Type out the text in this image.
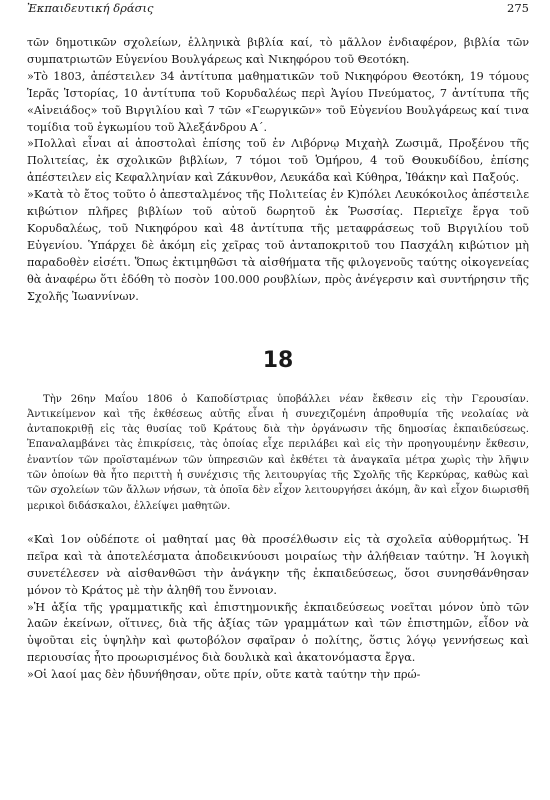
Ἐκπαιδευτική δράσις	275

τῶν δημοτικῶν σχολείων, ἑλληνικὰ βιβλία καί, τὸ μᾶλλον ἐνδιαφέρον, βιβλία τῶν συμπατριωτῶν Εὐγενίου Βουλγάρεως καὶ Νικηφόρου τοῦ Θεοτόκη.

»Τὸ 1803, ἀπέστειλεν 34 ἀντίτυπα μαθηματικῶν τοῦ Νικηφόρου Θεοτόκη, 19 τόμους Ἱερᾶς Ἱστορίας, 10 ἀντίτυπα τοῦ Κορυδαλέως περὶ Ἁγίου Πνεύματος, 7 ἀντίτυπα τῆς «Αἰνειάδος» τοῦ Βιργιλίου καὶ 7 τῶν «Γεωργικῶν» τοῦ Εὐγενίου Βουλγάρεως καί τινα τομίδια τοῦ ἐγκωμίου τοῦ Ἀλεξάνδρου Α΄.

»Πολλαὶ εἶναι αἱ ἀποστολαὶ ἐπίσης τοῦ ἐν Λιβόρνῳ Μιχαὴλ Ζωσιμᾶ, Προξένου τῆς Πολιτείας, ἐκ σχολικῶν βιβλίων, 7 τόμοι τοῦ Ὁμήρου, 4 τοῦ Θουκυδίδου, ἐπίσης ἀπέστειλεν εἰς Κεφαλληνίαν καὶ Ζάκυνθον, Λευκάδα καὶ Κύθηρα, Ἰθάκην καὶ Παξούς.

»Κατὰ τὸ ἔτος τοῦτο ὁ ἀπεσταλμένος τῆς Πολιτείας ἐν Κ)πόλει Λευκόκοιλος ἀπέστειλε κιβώτιον πλῆρες βιβλίων τοῦ αὐτοῦ δωρητοῦ ἐκ Ῥωσσίας. Περιεῖχε ἔργα τοῦ Κορυδαλέως, τοῦ Νικηφόρου καὶ 48 ἀντίτυπα τῆς μεταφράσεως τοῦ Βιργιλίου τοῦ Εὐγενίου. Ὑπάρχει δὲ ἀκόμη εἰς χεῖρας τοῦ ἀνταποκριτοῦ του Πασχάλη κιβώτιον μὴ παραδοθὲν εἰσέτι. Ὅπως ἐκτιμηθῶσι τὰ αἰσθήματα τῆς φιλογενοῦς ταύτης οἰκογενείας θὰ ἀναφέρω ὅτι ἐδόθη τὸ ποσὸν 100.000 ρουβλίων, πρὸς ἀνέγερσιν καὶ συντήρησιν τῆς Σχολῆς Ἰωαννίνων.

18

Τὴν 26ην Μαΐου 1806 ὁ Καποδίστριας ὑποβάλλει νέαν ἔκθεσιν εἰς τὴν Γερουσίαν. Ἀντικείμενον καὶ τῆς ἐκθέσεως αὐτῆς εἶναι ἡ συνεχιζομένη ἀπροθυμία τῆς νεολαίας νὰ ἀνταποκριθῇ εἰς τὰς θυσίας τοῦ Κράτους διὰ τὴν ὀργάνωσιν τῆς δημοσίας ἐκπαιδεύσεως. Ἐπαναλαμβάνει τὰς ἐπικρίσεις, τὰς ὁποίας εἶχε περιλάβει καὶ εἰς τὴν προηγουμένην ἔκθεσιν, ἐναντίον τῶν προϊσταμένων τῶν ὑπηρεσιῶν καὶ ἐκθέτει τὰ ἀναγκαῖα μέτρα χωρὶς τὴν λῆψιν τῶν ὁποίων θὰ ἦτο περιττὴ ἡ συνέχισις τῆς λειτουργίας τῆς Σχολῆς τῆς Κερκύρας, καθὼς καὶ τῶν σχολείων τῶν ἄλλων νήσων, τὰ ὁποῖα δὲν εἶχον λειτουργήσει ἀκόμη, ἂν καὶ εἶχον διωρισθῆ μερικοὶ διδάσκαλοι, ἐλλείψει μαθητῶν.

«Καὶ 1ον οὐδέποτε οἱ μαθηταί μας θὰ προσέλθωσιν εἰς τὰ σχολεῖα αὐθορμήτως. Ἡ πεῖρα καὶ τὰ ἀποτελέσματα ἀποδεικνύουσι μοιραίως τὴν ἀλήθειαν ταύτην. Ἡ λογικὴ συνετέλεσεν νὰ αἰσθανθῶσι τὴν ἀνάγκην τῆς ἐκπαιδεύσεως, ὅσοι συνησθάνθησαν μόνον τὸ Κράτος μὲ τὴν ἀληθῆ του ἔννοιαν.

»Ἡ ἀξία τῆς γραμματικῆς καὶ ἐπιστημονικῆς ἐκπαιδεύσεως νοεῖται μόνον ὑπὸ τῶν λαῶν ἐκείνων, οἵτινες, διὰ τῆς ἀξίας τῶν γραμμάτων καὶ τῶν ἐπιστημῶν, εἶδον νὰ ὑψοῦται εἰς ὑψηλὴν καὶ φωτοβόλον σφαῖραν ὁ πολίτης, ὅστις λόγῳ γεννήσεως καὶ περιουσίας ἦτο προωρισμένος διὰ δουλικὰ καὶ ἀκατονόμαστα ἔργα.

»Οἱ λαοί μας δὲν ἠδυνήθησαν, οὔτε πρίν, οὔτε κατὰ ταύτην τὴν πρώ-
